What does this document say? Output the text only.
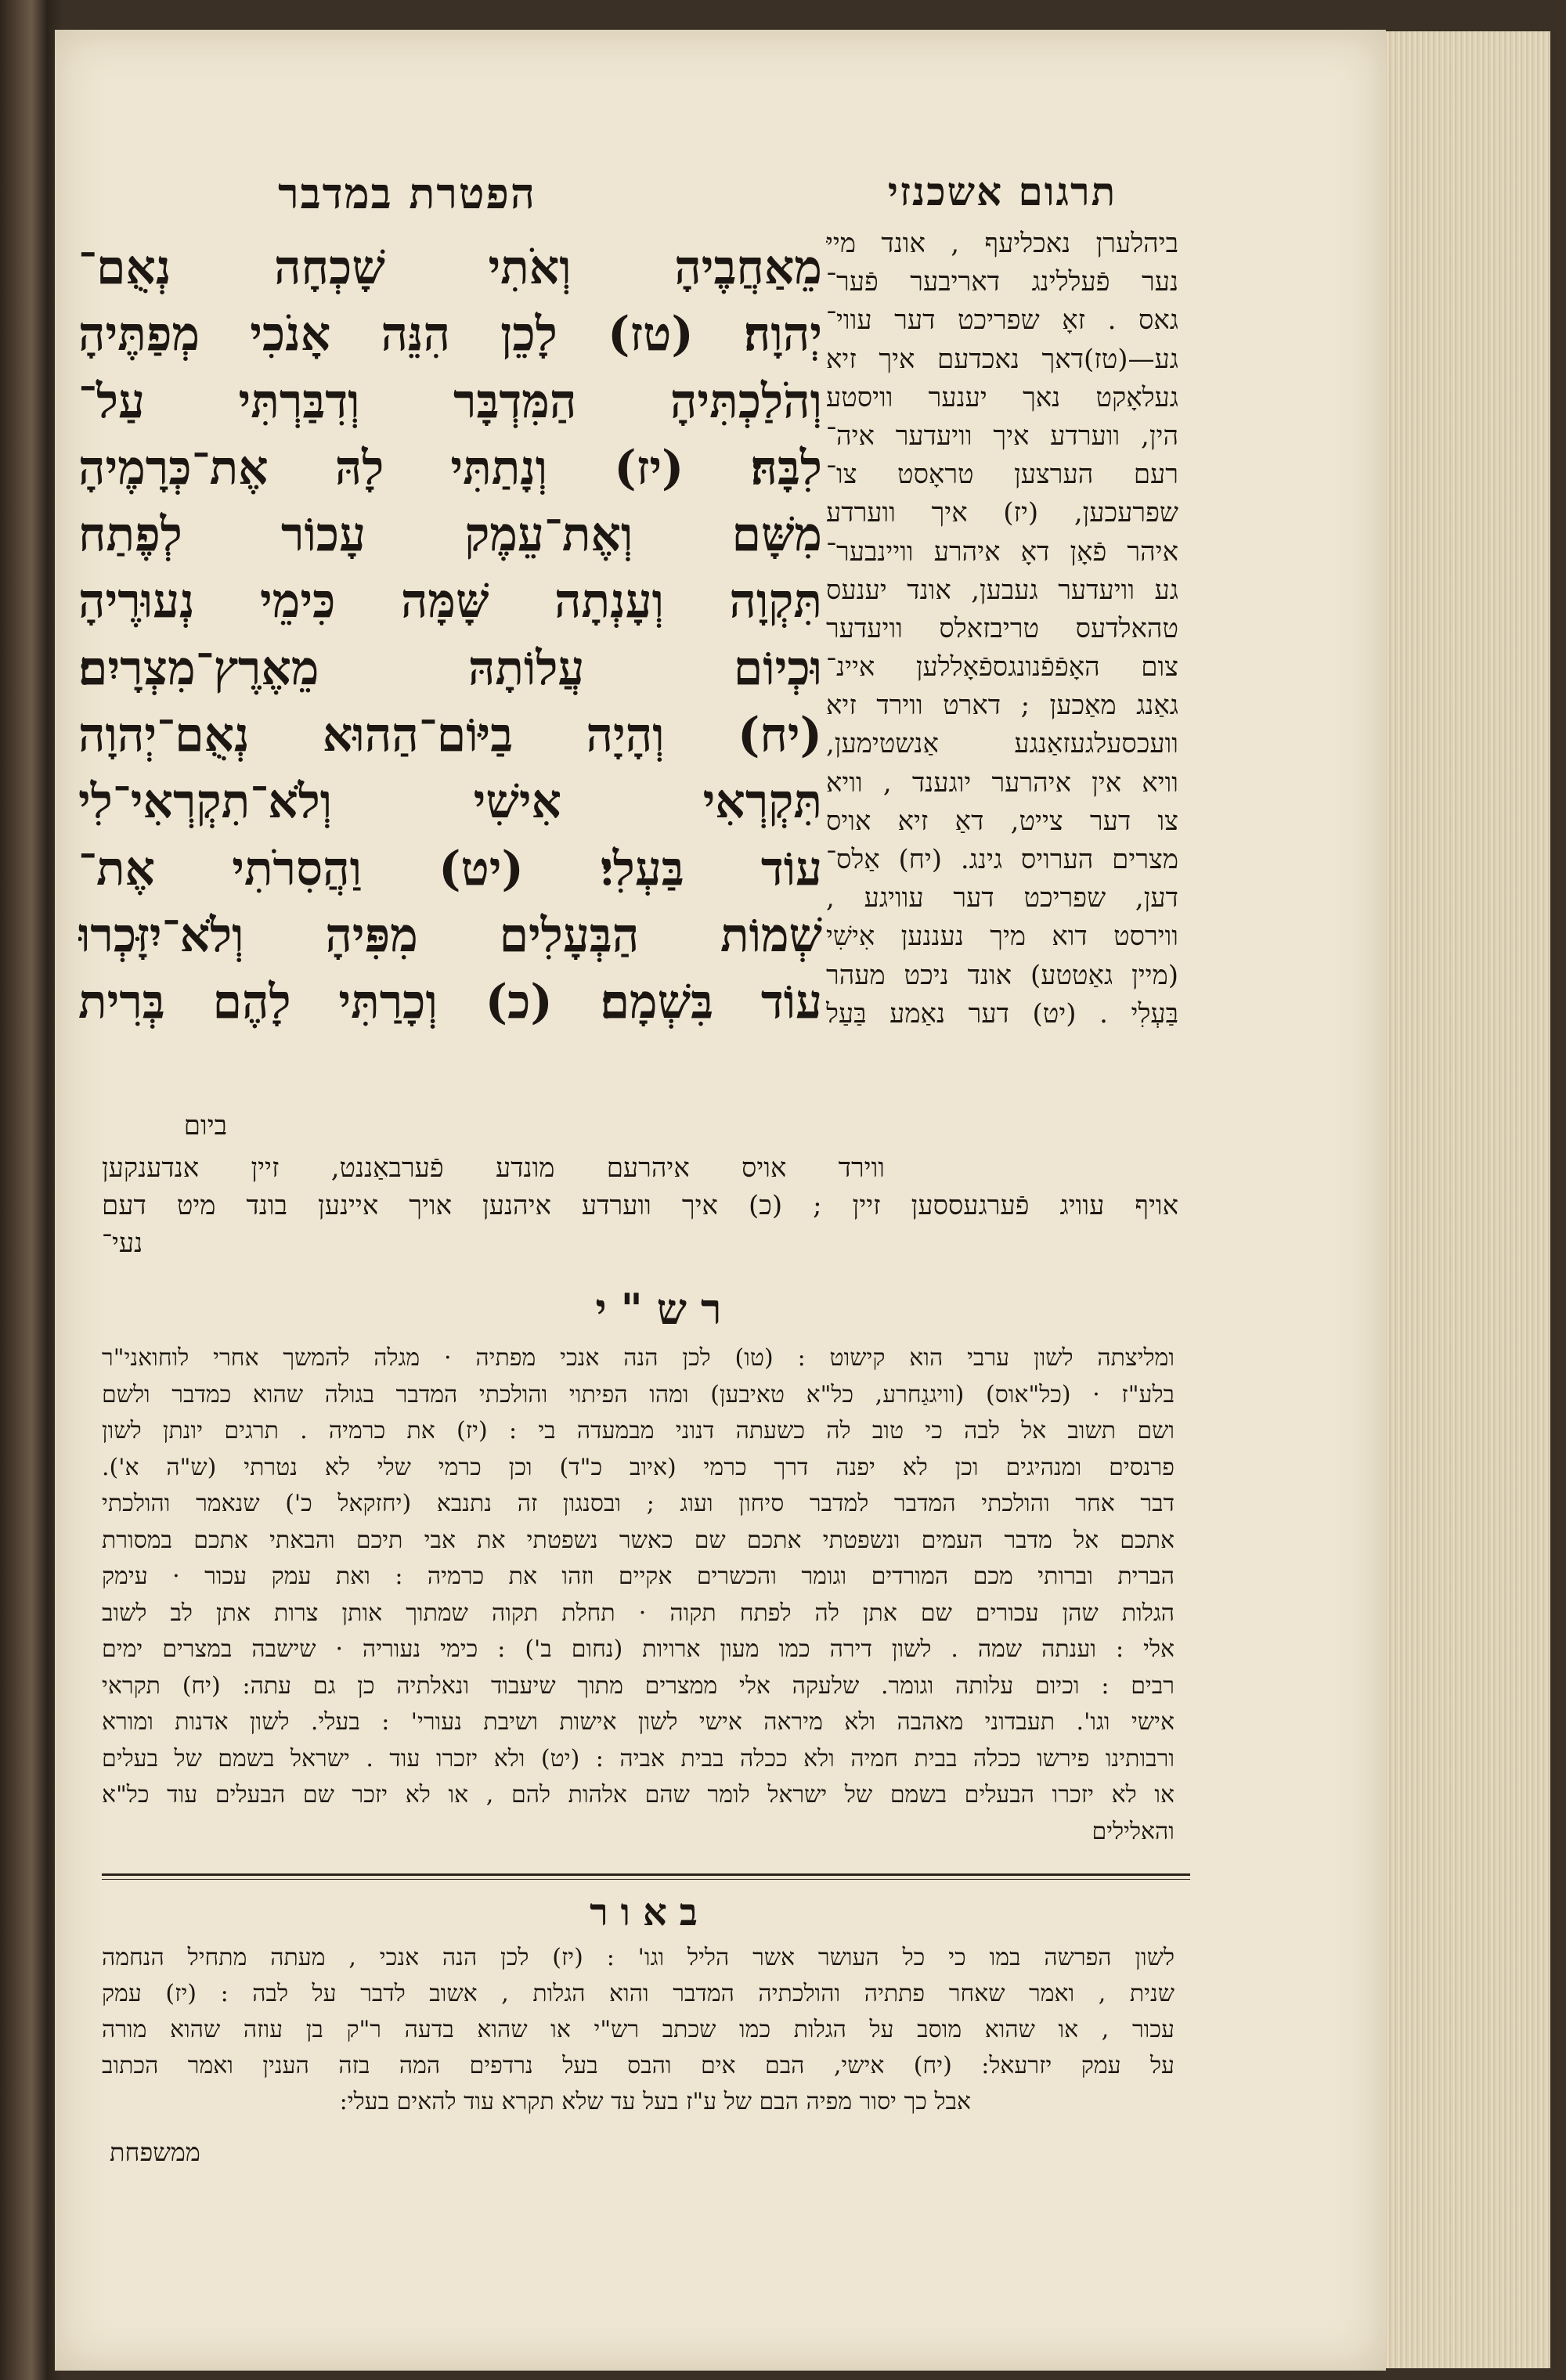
הפטרת במדבר	תרגום אשכנזי
מֵאַחֲבֶיהָ וְאֹתִי שָׁכְחָה נְאֻם־
יְהוָה׃ (טז) לָכֵן הִנֵּה אָנֹכִי מְפַתֶּיהָ
וְהֹלַכְתִּיהָ הַמִּדְבָּר וְדִבַּרְתִּי עַל־
לִבָּהּ׃ (יז) וְנָתַתִּי לָהּ אֶת־כְּרָמֶיהָ
מִשָּׁם וְאֶת־עֵמֶק עָכוֹר לְפֶתַח
תִּקְוָה וְעָנְתָה שָּׁמָּה כִּימֵי נְעוּרֶיהָ
וּכְיוֹם עֲלוֹתָהּ מֵאֶרֶץ־מִצְרָיִם׃
(יח) וְהָיָה בַיּוֹם־הַהוּא נְאֻם־יְהוָה
תִּקְרְאִי אִישִׁי וְלֹא־תִקְרְאִי־לִי
עוֹד בַּעְלִי׃ (יט) וַהֲסִרֹתִי אֶת־
שְׁמוֹת הַבְּעָלִים מִפִּיהָ וְלֹא־יִזָּכְרוּ
עוֹד בִּשְׁמָם׃ (כ) וְכָרַתִּי לָהֶם בְּרִית
ביום
ביהלערן נאכליעף , אונד מייּ
נער פֿעללינג דאריבער פֿער־
גאס . זאָ שפריכט דער עווי־
גע—(טז)דאך נאכדעם איך זיא
געלאָקט נאך יענער וויסטע
הין, ווערדע איך וויעדער איה־
רעם הערצען טראָסט צו־
שפרעכען, (יז) איך ווערדע
איהר פֿאָן דאָ איהרע וויינבער־
גע וויעדער געבען, אונד יענעס
טהאלדעס טריבזאלס וויעדער
צום האָפֿפֿנונגספֿאָללען איינ־
גאַנג מאַכען ; דארט ווירד זיא
וועכסעלגעזאַנגע אַנשטימען,
וויא אין איהרער יוגענד , וויא
צו דער צייט, דאַ זיא אויס
מצרים הערויס גינג. (יח) אַלס־
דען, שפריכט דער עוויגע ,
ווירסט דוא מיך נעננען אִישִׁי
(מיין גאַטטע) אונד ניכט מעהר
בַּעְלִי . (יט) דער נאַמע בַּעַל
ווירד אויס איהרעם מונדע פֿערבאַננט, זיין אנדענקען
אויף עוויג פֿערגעססען זיין ; (כ) איך ווערדע איהנען אויך איינען בונד מיט דעם
נעי־
רש"י
ומליצתה לשון ערבי הוא קישוט : (טו) לכן הנה אנכי מפתיה · מגלה להמשך אחרי לוחואני"ר
בלע"ז · (כל"אוס) (וויגגַחרע, כל"א טאיבען) ומהו הפיתוי והולכתי המדבר בגולה שהוא כמדבר ולשם
ושם תשוב אל לבה כי טוב לה כשעתה דנוני מבמעדה בי : (יז) את כרמיה . תרגים יונתן לשון
פרנסים ומנהיגים וכן לא יפנה דרך כרמי (איוב כ"ד) וכן כרמי שלי לא נטרתי (ש"ה א').
דבר אחר והולכתי המדבר למדבר סיחון ועוג ; ובסנגון זה נתנבא (יחזקאל כ') שנאמר והולכתי
אתכם אל מדבר העמים ונשפטתי אתכם שם כאשר נשפטתי את אבי תיכם והבאתי אתכם במסורת
הברית וברותי מכם המורדים וגומר והכשרים אקיים וזהו את כרמיה : ואת עמק עכור · עימק
הגלות שהן עכורים שם אתן לה לפתח תקוה · תחלת תקוה שמתוך אותן צרות אתן לב לשוב
אלי : וענתה שמה . לשון דירה כמו מעון ארויות (נחום ב') : כימי נעוריה · שישבה במצרים ימים
רבים : וכיום עלותה וגומר. שלעקה אלי ממצרים מתוך שיעבוד ונאלתיה כן גם עתה: (יח) תקראי
אישי וגו'. תעבדוני מאהבה ולא מיראה אישי לשון אישות ושיבת נעורי' : בעלי. לשון אדנות ומורא
ורבותינו פירשו ככלה בבית חמיה ולא ככלה בבית אביה : (יט) ולא יזכרו עוד . ישראל בשמם של בעלים
או לא יזכרו הבעלים בשמם של ישראל לומר שהם אלהות להם , או לא יזכר שם הבעלים עוד כל"א
והאלילים
באור
לשון הפרשה במו כי כל העושר אשר הליל וגו' : (יז) לכן הנה אנכי , מעתה מתחיל הנחמה
שנית , ואמר שאחר פתתיה והולכתיה המדבר והוא הגלות , אשוב לדבר על לבה : (יז) עמק
עכור , או שהוא מוסב על הגלות כמו שכתב רש"י או שהוא בדעה ר"ק בן עוזה שהוא מורה
על עמק יזרעאל: (יח) אישי, הבם אים והבס בעל נרדפים המה בזה הענין ואמר הכתוב
אבל כך יסור מפיה הבם של ע"ז בעל עד שלא תקרא עוד להאים בעלי:
ממשפחת
